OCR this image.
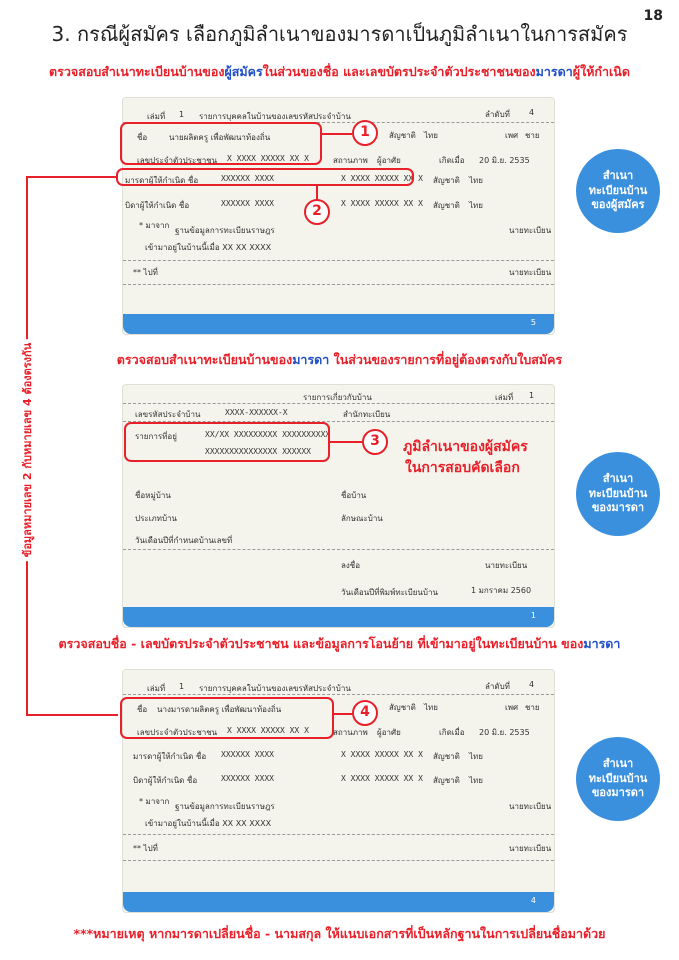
18
3. กรณีผู้สมัคร เลือกภูมิลำเนาของมารดาเป็นภูมิลำเนาในการสมัคร
ตรวจสอบสำเนาทะเบียนบ้านของผู้สมัครในส่วนของชื่อ และเลขบัตรประจำตัวประชาชนของมารดาผู้ให้กำเนิด
เล่มที่ 1 รายการบุคคลในบ้านของเลขรหัสประจำบ้าน	ลำดับที่ 4
ชื่อ	นายผลิตครู เพื่อพัฒนาท้องถิ่น	สัญชาติ ไทย	เพศ ชาย
เลขประจำตัวประชาชน X XXXX XXXXX XX X	สถานภาพ ผู้อาศัย	เกิดเมื่อ 20 มิ.ย. 2535
มารดาผู้ให้กำเนิด ชื่อ	XXXXXX XXXX	X XXXX XXXXX XX X สัญชาติ ไทย
บิดาผู้ให้กำเนิด ชื่อ	XXXXXX XXXX	X XXXX XXXXX XX X สัญชาติ ไทย
* มาจาก
ฐานข้อมูลการทะเบียนราษฎร	นายทะเบียน
เข้ามาอยู่ในบ้านนี้เมื่อ XX XX XXXX
** ไปที่	นายทะเบียน
5
1
2
สำเนา
ทะเบียนบ้าน
ของผู้สมัคร
ตรวจสอบสำเนาทะเบียนบ้านของมารดา ในส่วนของรายการที่อยู่ต้องตรงกับใบสมัคร
รายการเกี่ยวกับบ้าน	เล่มที่ 1
เลขรหัสประจำบ้าน	XXXX-XXXXXX-X	สำนักทะเบียน
รายการที่อยู่	XX/XX XXXXXXXXX XXXXXXXXXX
XXXXXXXXXXXXXXX XXXXXX
ชื่อหมู่บ้าน	ชื่อบ้าน
ประเภทบ้าน	ลักษณะบ้าน
วันเดือนปีที่กำหนดบ้านเลขที่
ลงชื่อ	นายทะเบียน
วันเดือนปีที่พิมพ์ทะเบียนบ้าน	1 มกราคม 2560
1
3	ภูมิลำเนาของผู้สมัคร
ในการสอบคัดเลือก
สำเนา
ทะเบียนบ้าน
ของมารดา
ตรวจสอบชื่อ - เลขบัตรประจำตัวประชาชน และข้อมูลการโอนย้าย ที่เข้ามาอยู่ในทะเบียนบ้าน ของมารดา
เล่มที่ 1 รายการบุคคลในบ้านของเลขรหัสประจำบ้าน	ลำดับที่ 4
ชื่อ นางมารดาผลิตครู เพื่อพัฒนาท้องถิ่น	สัญชาติ ไทย	เพศ ชาย
เลขประจำตัวประชาชน X XXXX XXXXX XX X	สถานภาพ ผู้อาศัย	เกิดเมื่อ 20 มิ.ย. 2535
มารดาผู้ให้กำเนิด ชื่อ XXXXXX XXXX	X XXXX XXXXX XX X สัญชาติ ไทย
บิดาผู้ให้กำเนิด ชื่อ	XXXXXX XXXX	X XXXX XXXXX XX X สัญชาติ ไทย
* มาจาก
ฐานข้อมูลการทะเบียนราษฎร	นายทะเบียน
เข้ามาอยู่ในบ้านนี้เมื่อ XX XX XXXX
** ไปที่	นายทะเบียน
4
4
สำเนา
ทะเบียนบ้าน
ของมารดา
ข้อมูลหมายเลข 2 กับหมายเลข 4 ต้องตรงกัน
***หมายเหตุ หากมารดาเปลี่ยนชื่อ - นามสกุล ให้แนบเอกสารที่เป็นหลักฐานในการเปลี่ยนชื่อมาด้วย
